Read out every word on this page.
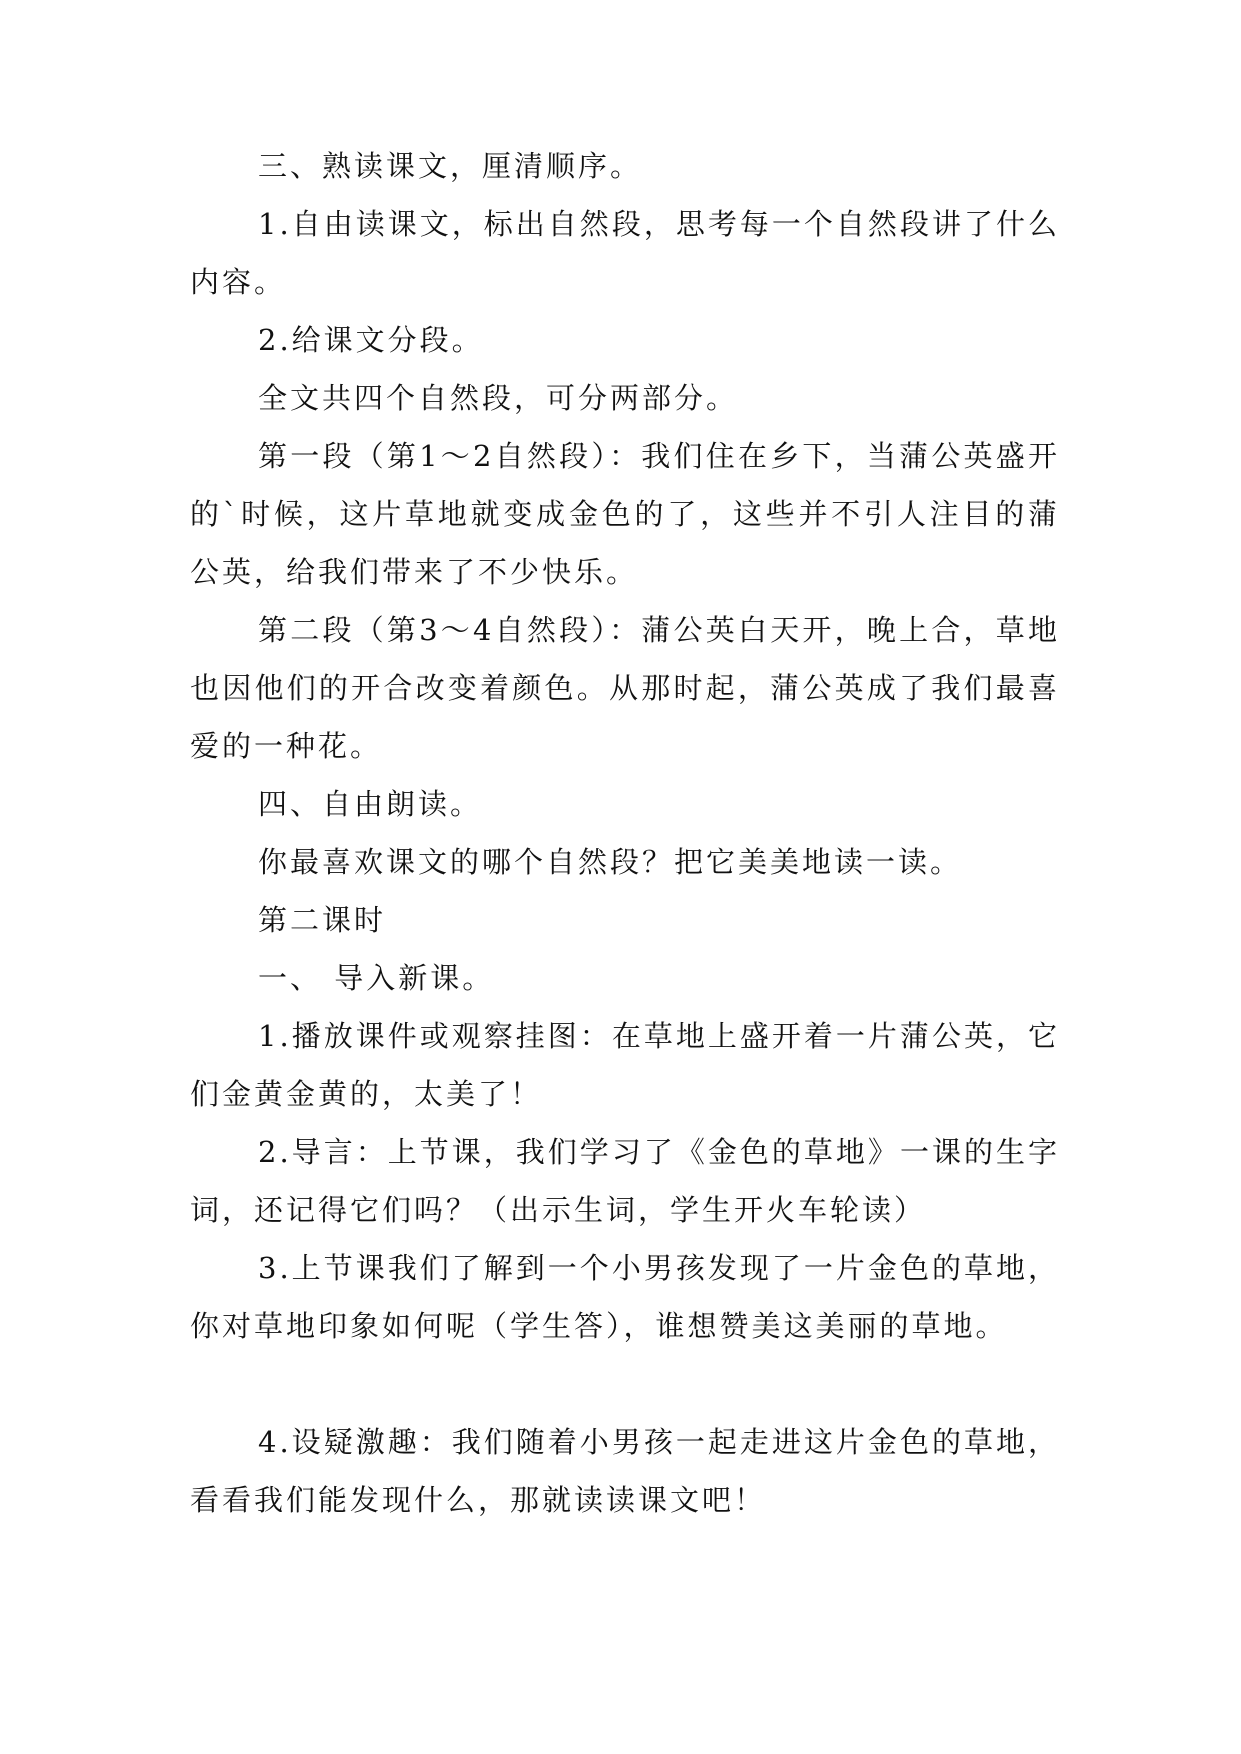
三、熟读课文，厘清顺序。

1.自由读课文，标出自然段，思考每一个自然段讲了什么内容。

2.给课文分段。

全文共四个自然段，可分两部分。

第一段（第1～2自然段）：我们住在乡下，当蒲公英盛开的`时候，这片草地就变成金色的了，这些并不引人注目的蒲公英，给我们带来了不少快乐。

第二段（第3～4自然段）：蒲公英白天开，晚上合，草地也因他们的开合改变着颜色。从那时起，蒲公英成了我们最喜爱的一种花。

四、自由朗读。

你最喜欢课文的哪个自然段？把它美美地读一读。

第二课时

一、 导入新课。

1.播放课件或观察挂图：在草地上盛开着一片蒲公英，它们金黄金黄的，太美了！

2.导言：上节课，我们学习了《金色的草地》一课的生字词，还记得它们吗？（出示生词，学生开火车轮读）

3.上节课我们了解到一个小男孩发现了一片金色的草地，你对草地印象如何呢（学生答），谁想赞美这美丽的草地。

4.设疑激趣：我们随着小男孩一起走进这片金色的草地，看看我们能发现什么，那就读读课文吧！
